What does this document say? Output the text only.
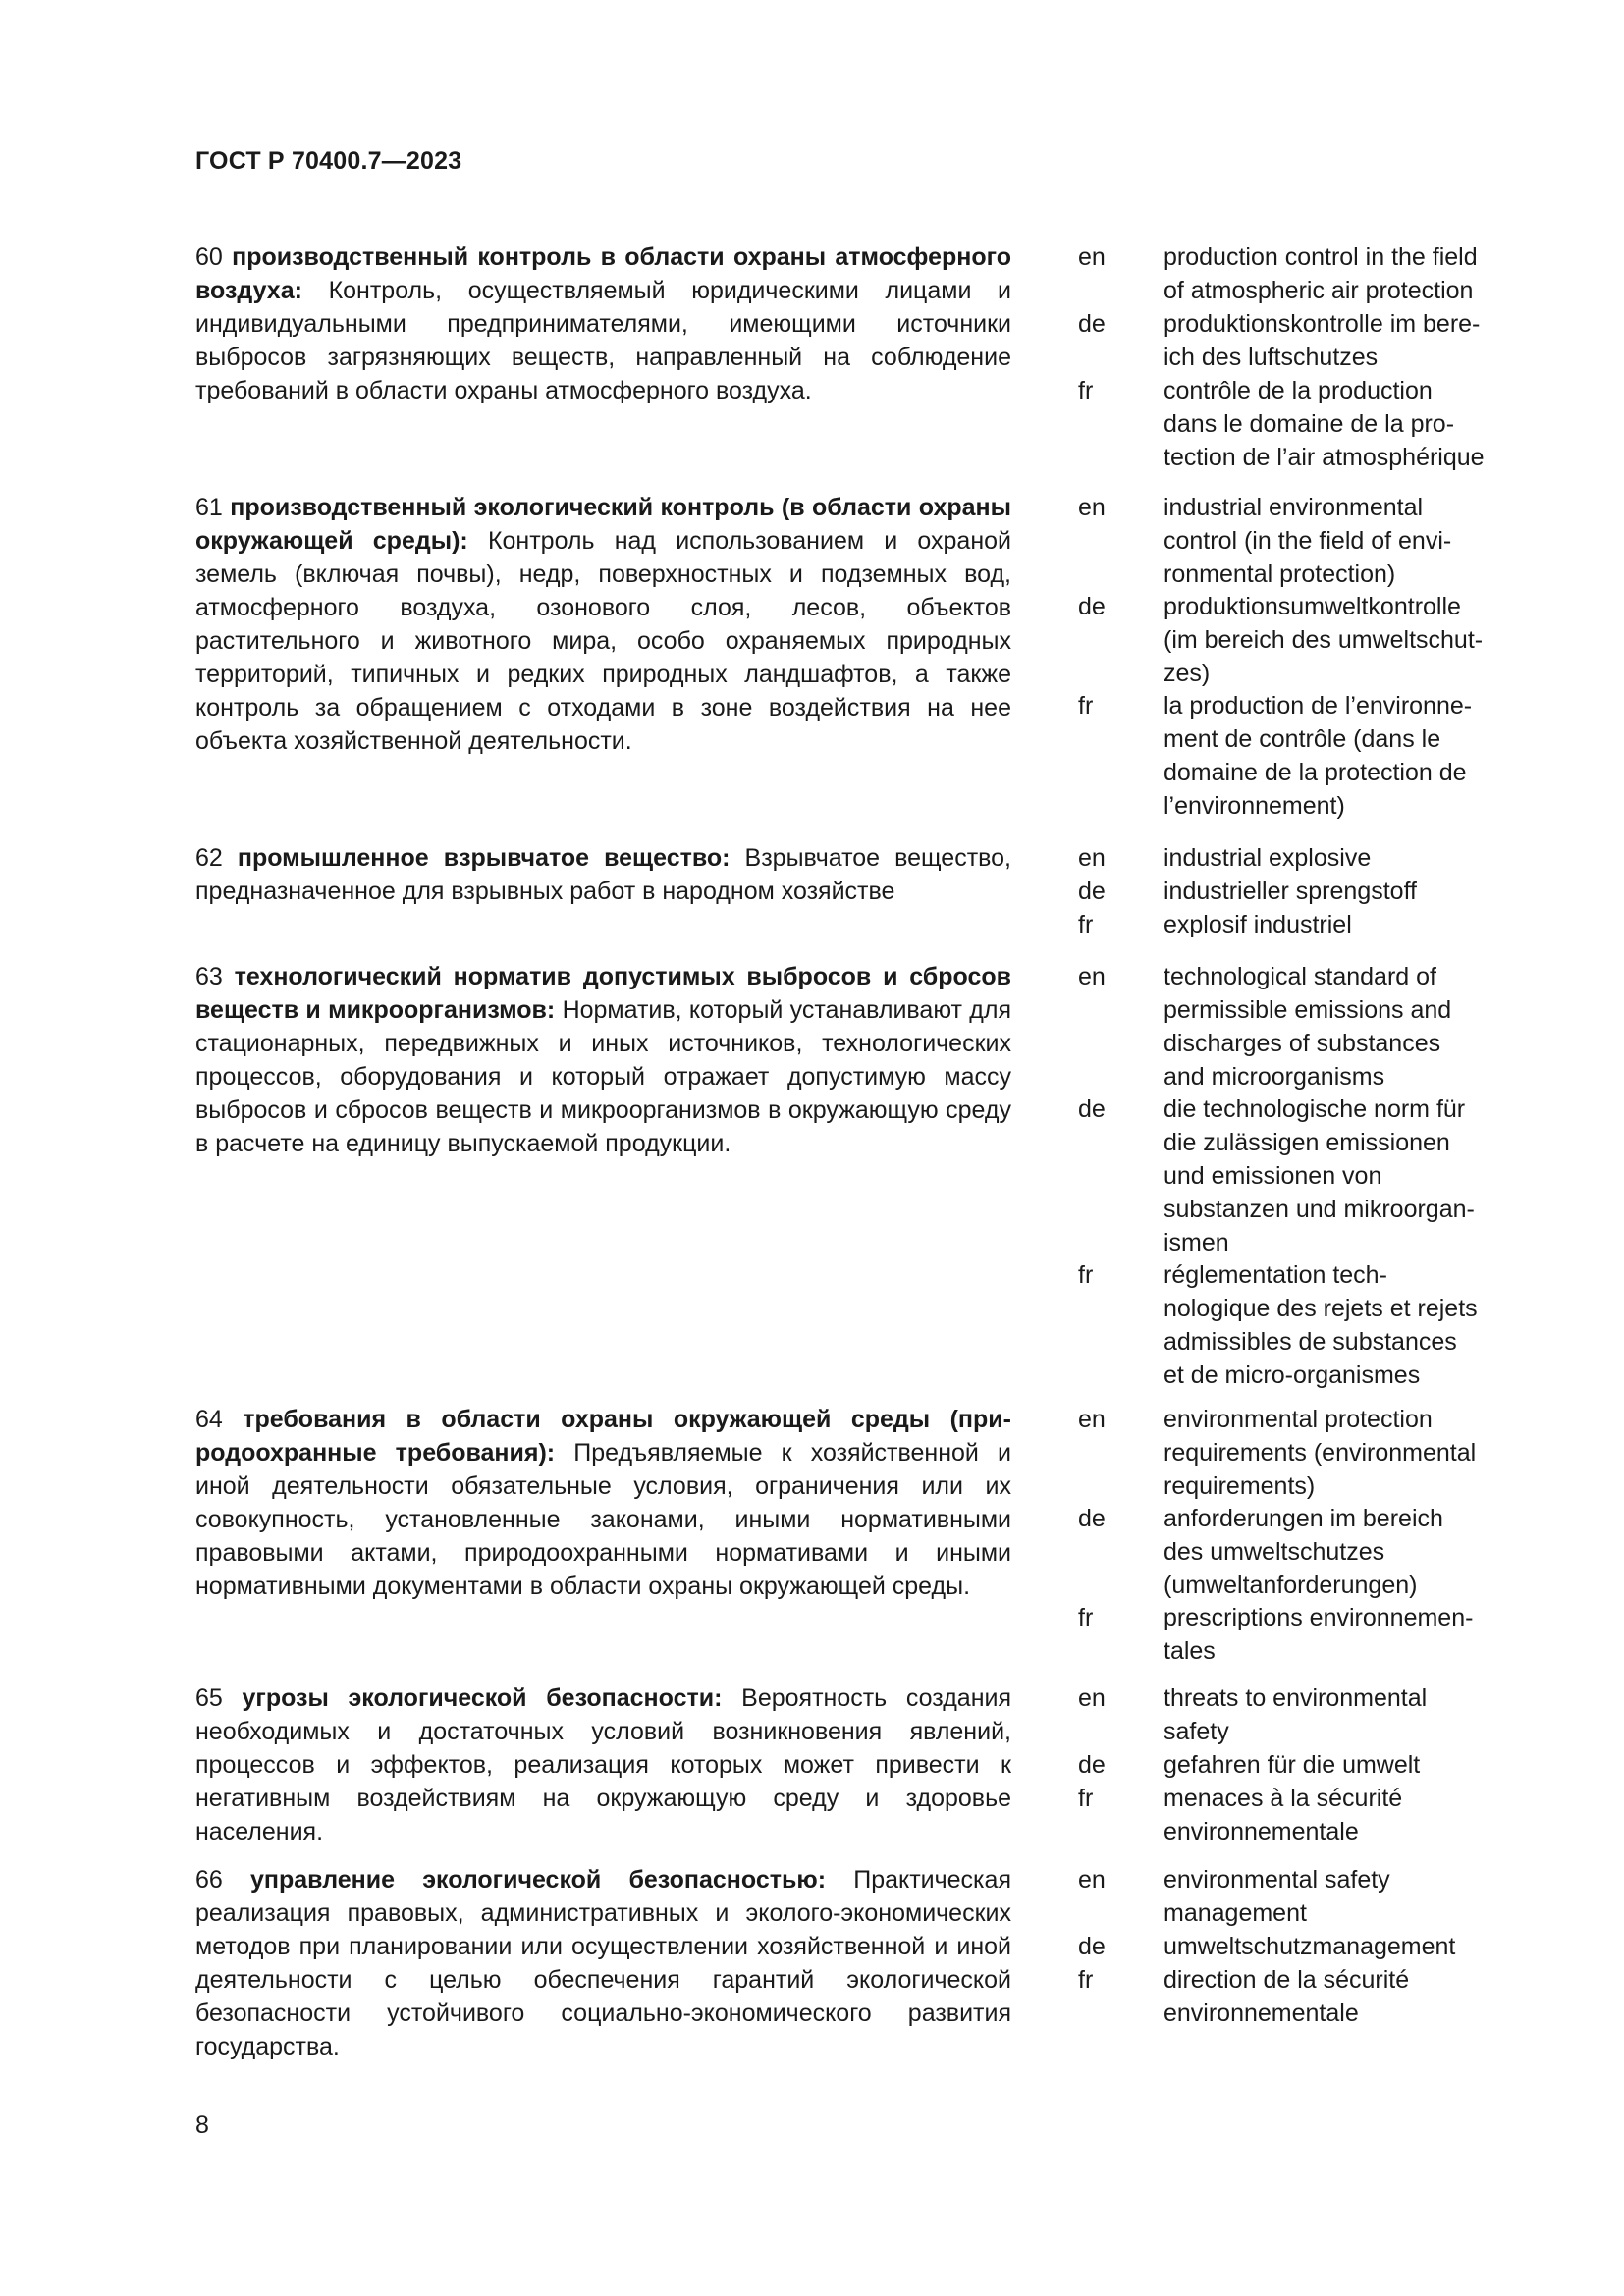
ГОСТ Р 70400.7—2023

60 производственный контроль в области охраны атмосферного воздуха: Контроль, осуществляемый юридическими лицами и индивидуальными предпринимателями, имеющими источники выбросов загрязняющих веществ, направленный на соблюдение требований в области охраны атмосферного воздуха.

en	production control in the field
of atmospheric air protection
de	produktionskontrolle im bere-
ich des luftschutzes
fr	contrôle de la production
dans le domaine de la pro-
tection de l’air atmosphérique

61 производственный экологический контроль (в области охраны окружающей среды): Контроль над использованием и охраной земель (включая почвы), недр, поверхностных и подземных вод, атмосферного воздуха, озонового слоя, лесов, объектов растительного и животного мира, особо охраняемых природных территорий, типичных и редких природных ландшафтов, а также контроль за обращением с отходами в зоне воздействия на нее объекта хозяйственной деятельности.

en	industrial environmental
control (in the field of envi-
ronmental protection)
de	produktionsumweltkontrolle
(im bereich des umweltschut-
zes)
fr	la production de l’environne-
ment de contrôle (dans le
domaine de la protection de
l’environnement)

62 промышленное взрывчатое вещество: Взрывчатое вещество, предназначенное для взрывных работ в народном хозяйстве

en	industrial explosive
de	industrieller sprengstoff
fr	explosif industriel

63 технологический норматив допустимых выбросов и сбросов веществ и микроорганизмов: Норматив, который устанавливают для стационарных, передвижных и иных источников, технологических процессов, оборудования и который отражает допустимую массу выбросов и сбросов веществ и микроорганизмов в окружающую среду в расчете на единицу выпускаемой продукции.

en	technological standard of
permissible emissions and
discharges of substances
and microorganisms
de	die technologische norm für
die zulässigen emissionen
und emissionen von
substanzen und mikroorgan-
ismen
fr	réglementation tech-
nologique des rejets et rejets
admissibles de substances
et de micro-organismes

64 требования в области охраны окружающей среды (природоохранные требования): Предъявляемые к хозяйственной и иной деятельности обязательные условия, ограничения или их совокупность, установленные законами, иными нормативными правовыми актами, природоохранными нормативами и иными нормативными документами в области охраны окружающей среды.

en	environmental protection
requirements (environmental
requirements)
de	anforderungen im bereich
des umweltschutzes
(umweltanforderungen)
fr	prescriptions environnemen-
tales

65 угрозы экологической безопасности: Вероятность создания необходимых и достаточных условий возникновения явлений, процессов и эффектов, реализация которых может привести к негативным воздействиям на окружающую среду и здоровье населения.

en	threats to environmental
safety
de	gefahren für die umwelt
fr	menaces à la sécurité
environnementale

66 управление экологической безопасностью: Практическая реализация правовых, административных и эколого-экономических методов при планировании или осуществлении хозяйственной и иной деятельности с целью обеспечения гарантий экологической безопасности устойчивого социально-экономического развития государства.

en	environmental safety
management
de	umweltschutzmanagement
fr	direction de la sécurité
environnementale
8
